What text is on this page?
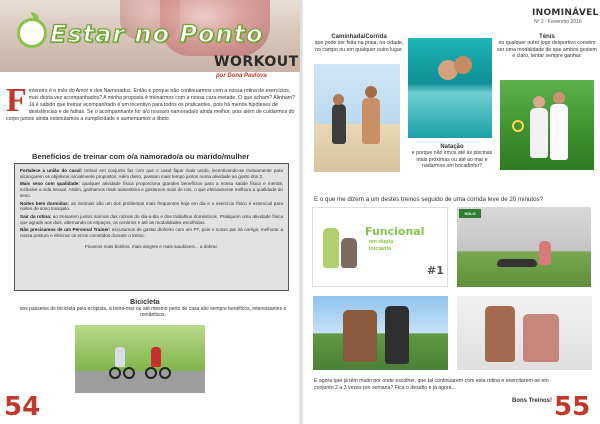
Estar no Ponto
WORKOUT
por Dona Pavlova
F evereiro é o mês do Amor e dos Namorados. Então e porque não continuarmos com a nossa rotina de exercícios, mas desta vez acompanhados? A minha proposta é treinarmos com a nossa cara-metade. O que acham? Alinham?

Já é sabido que treinar acompanhado é um incentivo para todos os praticantes, pois há menos hipóteses de desistências e de falhas. Se o acompanhante for a/o nossa/o namorada/o ainda melhor, pois além de cuidarmos do corpo juntos ainda estimulamos a cumplicidade e aumentamos a libido.

Benefícios de treinar com o/a namorado/a ou marido/mulher

Fortalece a união do casal: treinar em conjunto faz com que o casal fique mais unido, incentivando-se mutuamente para alcançarem os objetivos inicialmente propostos. Além disso, passam mais tempo juntos numa atividade ao gosto dos 2.

Mais sexo com qualidade: qualquer atividade física proporciona grandes benefícios para a nossa saúde física e mental, inclusive a vida sexual. Assim, ganhamos mais autoestima e gostamos mais de nós, o que efetivamente melhora a qualidade do sexo.

Noites bem dormidas: as insónias são um dos problemas mais frequentes hoje em dia e o exercício físico é essencial para noites de sono tranquilo.

Sair da rotina: ao treinarem juntos saímos das rotinas do dia-a-dia e dos trabalhos domésticos. Pratiquem uma atividade física que agrade aos dois, alternando os espaços, os cenários e até as modalidades escolhidas.

Não precisamos de um Personal Trainer: escusamos de gastar dinheiro com um PT, pois o nosso par irá corrigir, melhorar a nossa postura e eliminar os erros cometidos durante o treino.

Ficamos mais bonitos, mais alegres e mais saudáveis... a dobrar.

Bicicleta
uns passeios de bicicleta pela ecopista, à beira-mar ou até mesmo perto de casa são sempre benéficos, interessantes e românticos.
54
INOMINÁVEL
Nº 2 · Fevereiro 2016
Caminhada/Corrida
que pode ser feita na praia, na cidade, no campo ou em qualquer outro lugar.
Natação
e porque não irmos até às piscinas mais próximas ou até ao mar e nadarmos um bocadinho?
Ténis
ou qualquer outro jogo desportivo convém ser uma modalidade de que ambos gostem e claro, tentar sempre ganhar.
E o que me dizem a um destes treinos seguido de uma corrida leve de 20 minutos?
Funcional
em dupla
Iniciante
#1
SOLO
E agora que já têm muito por onde escolher, que tal continuarem com esta rotina e exercitarem-se em conjunto 2 a 3 vezes por semana? Fica o desafio e já agora...
Bons Treinos! 55
